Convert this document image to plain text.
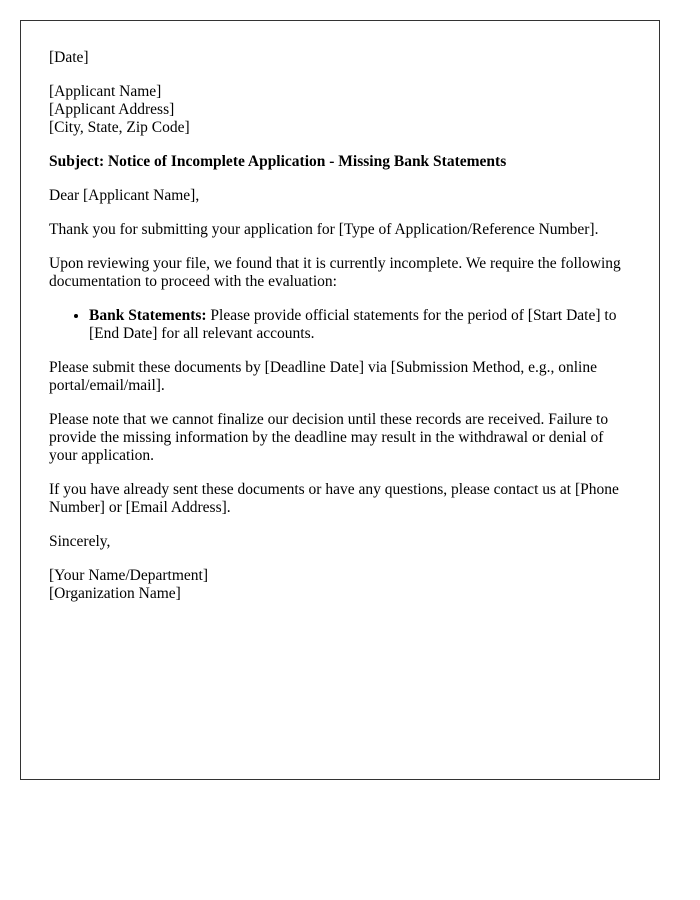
[Date]

[Applicant Name]
[Applicant Address]
[City, State, Zip Code]

Subject: Notice of Incomplete Application - Missing Bank Statements

Dear [Applicant Name],

Thank you for submitting your application for [Type of Application/Reference Number].

Upon reviewing your file, we found that it is currently incomplete. We require the following documentation to proceed with the evaluation:

• Bank Statements: Please provide official statements for the period of [Start Date] to [End Date] for all relevant accounts.

Please submit these documents by [Deadline Date] via [Submission Method, e.g., online portal/email/mail].

Please note that we cannot finalize our decision until these records are received. Failure to provide the missing information by the deadline may result in the withdrawal or denial of your application.

If you have already sent these documents or have any questions, please contact us at [Phone Number] or [Email Address].

Sincerely,

[Your Name/Department]
[Organization Name]
